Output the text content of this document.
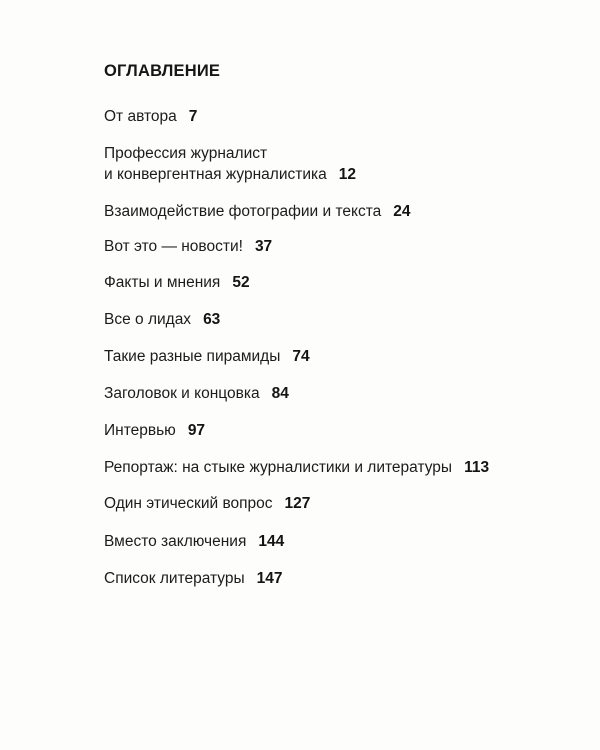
ОГЛАВЛЕНИЕ
От автора 7
Профессия журналист
и конвергентная журналистика 12
Взаимодействие фотографии и текста 24
Вот это — новости! 37
Факты и мнения 52
Все о лидах 63
Такие разные пирамиды 74
Заголовок и концовка 84
Интервью 97
Репортаж: на стыке журналистики и литературы 113
Один этический вопрос 127
Вместо заключения 144
Список литературы 147
